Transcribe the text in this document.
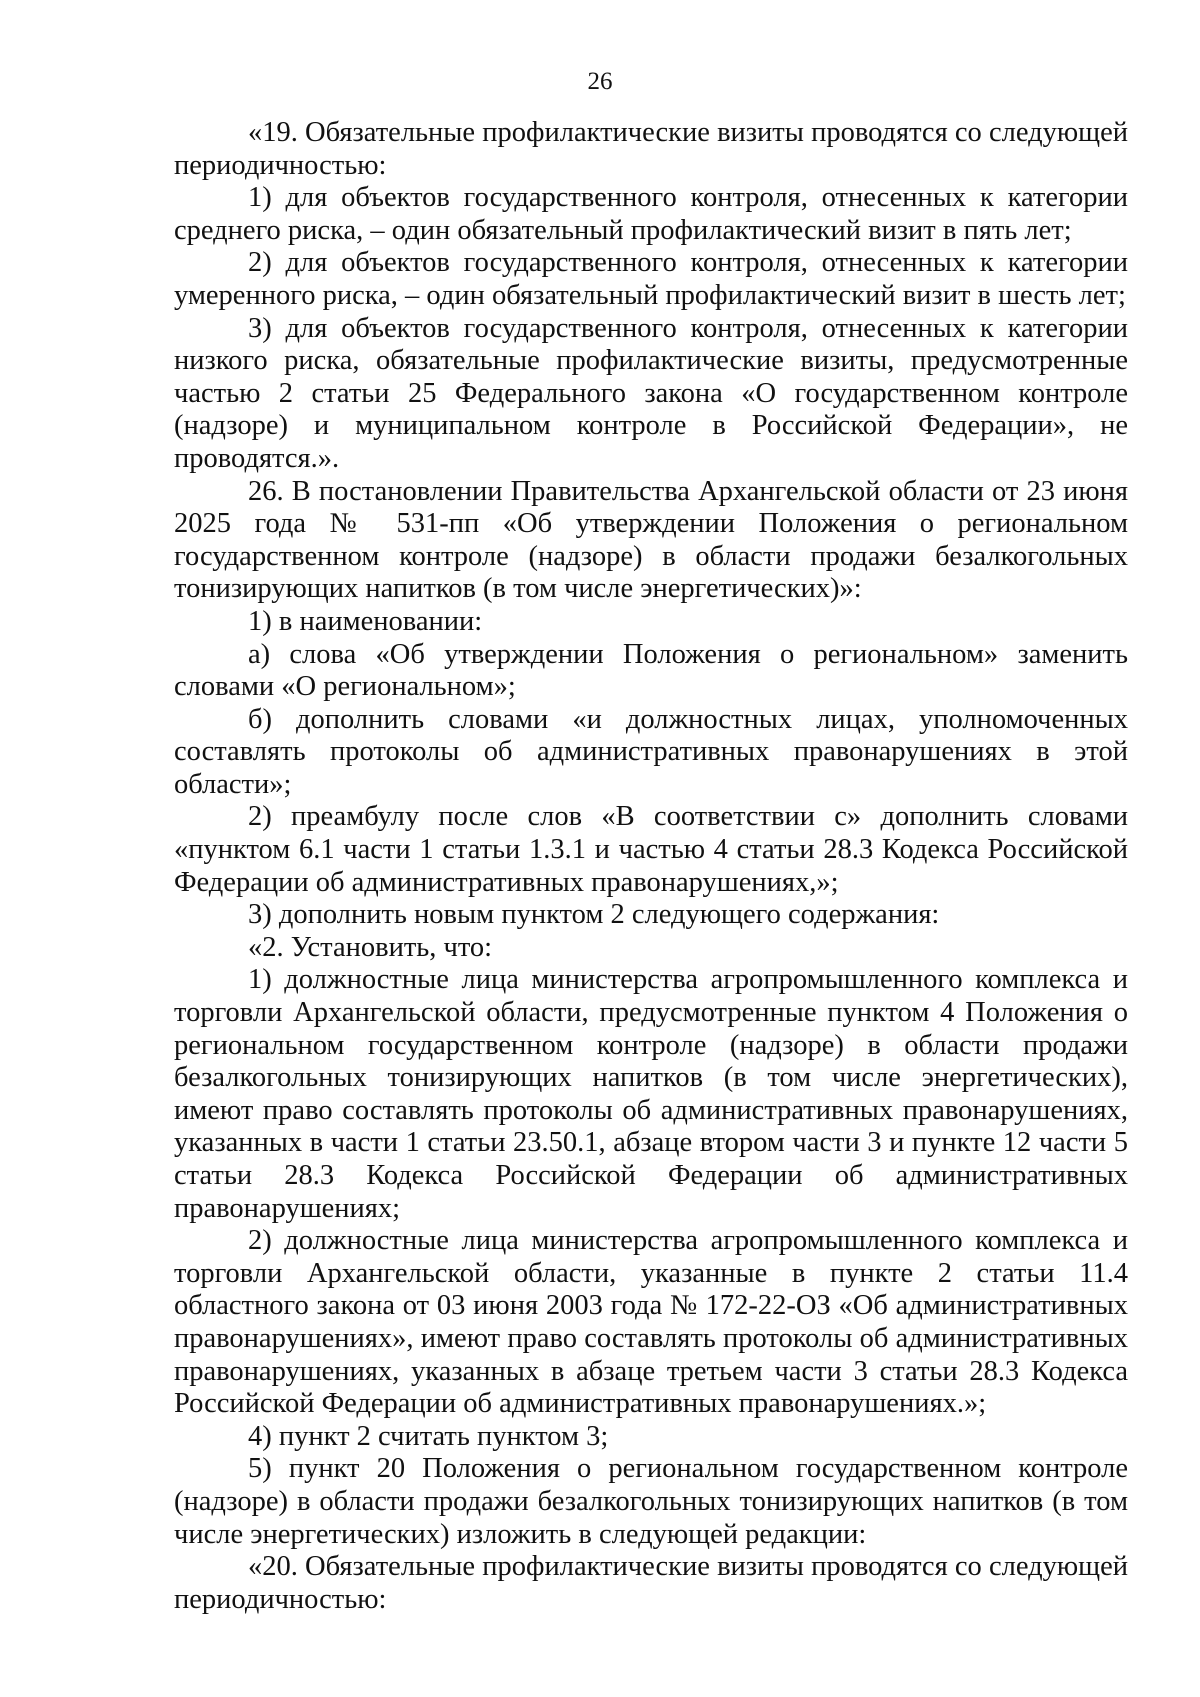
26

«19. Обязательные профилактические визиты проводятся со следующей периодичностью:

1) для объектов государственного контроля, отнесенных к категории среднего риска, – один обязательный профилактический визит в пять лет;

2) для объектов государственного контроля, отнесенных к категории умеренного риска, – один обязательный профилактический визит в шесть лет;

3) для объектов государственного контроля, отнесенных к категории низкого риска, обязательные профилактические визиты, предусмотренные частью 2 статьи 25 Федерального закона «О государственном контроле (надзоре) и муниципальном контроле в Российской Федерации», не проводятся.».

26. В постановлении Правительства Архангельской области от 23 июня 2025 года № 531-пп «Об утверждении Положения о региональном государственном контроле (надзоре) в области продажи безалкогольных тонизирующих напитков (в том числе энергетических)»:

1) в наименовании:

а) слова «Об утверждении Положения о региональном» заменить словами «О региональном»;

б) дополнить словами «и должностных лицах, уполномоченных составлять протоколы об административных правонарушениях в этой области»;

2) преамбулу после слов «В соответствии с» дополнить словами «пунктом 6.1 части 1 статьи 1.3.1 и частью 4 статьи 28.3 Кодекса Российской Федерации об административных правонарушениях,»;

3) дополнить новым пунктом 2 следующего содержания:

«2. Установить, что:

1) должностные лица министерства агропромышленного комплекса и торговли Архангельской области, предусмотренные пунктом 4 Положения о региональном государственном контроле (надзоре) в области продажи безалкогольных тонизирующих напитков (в том числе энергетических), имеют право составлять протоколы об административных правонарушениях, указанных в части 1 статьи 23.50.1, абзаце втором части 3 и пункте 12 части 5 статьи 28.3 Кодекса Российской Федерации об административных правонарушениях;

2) должностные лица министерства агропромышленного комплекса и торговли Архангельской области, указанные в пункте 2 статьи 11.4 областного закона от 03 июня 2003 года № 172-22-ОЗ «Об административных правонарушениях», имеют право составлять протоколы об административных правонарушениях, указанных в абзаце третьем части 3 статьи 28.3 Кодекса Российской Федерации об административных правонарушениях.»;

4) пункт 2 считать пунктом 3;

5) пункт 20 Положения о региональном государственном контроле (надзоре) в области продажи безалкогольных тонизирующих напитков (в том числе энергетических) изложить в следующей редакции:

«20. Обязательные профилактические визиты проводятся со следующей периодичностью:
